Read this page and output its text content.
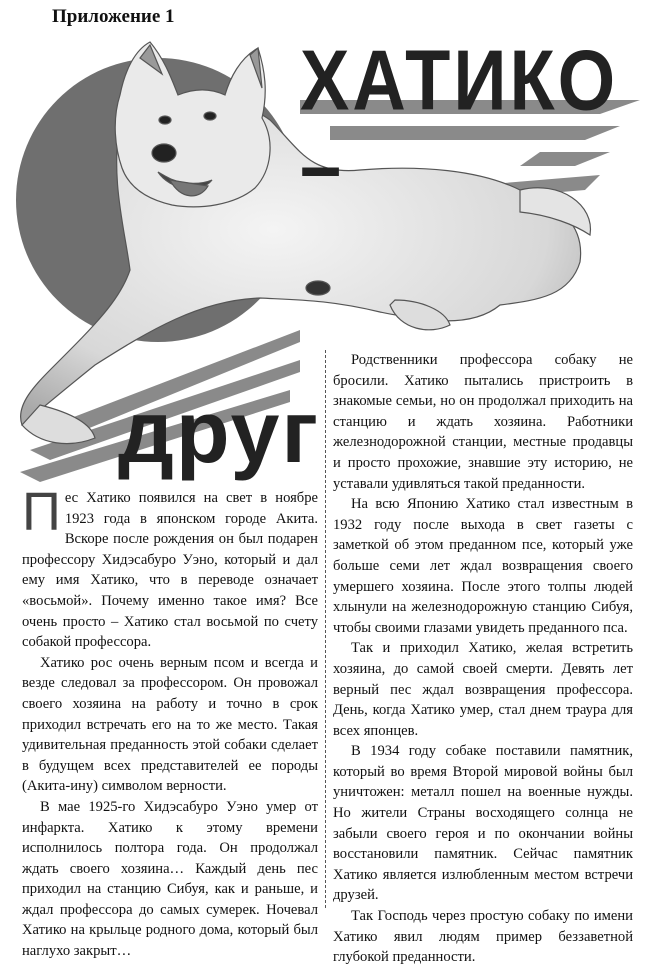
Приложение 1
ХАТИКО –
друг

Пес Хатико появился на свет в ноябре 1923 года в японском городе Акита. Вскоре после рождения он был подарен профессору Хидэсабуро Уэно, который и дал ему имя Хатико, что в переводе означает «восьмой». Почему именно такое имя? Все очень просто – Хатико стал восьмой по счету собакой профессора.

Хатико рос очень верным псом и всегда и везде следовал за профессором. Он провожал своего хозяина на работу и точно в срок приходил встречать его на то же место. Такая удивительная преданность этой собаки сделает в будущем всех представителей ее породы (Акита-ину) символом верности.

В мае 1925-го Хидэсабуро Уэно умер от инфаркта. Хатико к этому времени исполнилось полтора года. Он продолжал ждать своего хозяина… Каждый день пес приходил на станцию Сибуя, как и раньше, и ждал профессора до самых сумерек. Ночевал Хатико на крыльце родного дома, который был наглухо закрыт…

Родственники профессора собаку не бросили. Хатико пытались пристроить в знакомые семьи, но он продолжал приходить на станцию и ждать хозяина. Работники железнодорожной станции, местные продавцы и просто прохожие, знавшие эту историю, не уставали удивляться такой преданности.

На всю Японию Хатико стал известным в 1932 году после выхода в свет газеты с заметкой об этом преданном псе, который уже больше семи лет ждал возвращения своего умершего хозяина. После этого толпы людей хлынули на железнодорожную станцию Сибуя, чтобы своими глазами увидеть преданного пса.

Так и приходил Хатико, желая встретить хозяина, до самой своей смерти. Девять лет верный пес ждал возвращения профессора. День, когда Хатико умер, стал днем траура для всех японцев.

В 1934 году собаке поставили памятник, который во время Второй мировой войны был уничтожен: металл пошел на военные нужды. Но жители Страны восходящего солнца не забыли своего героя и по окончании войны восстановили памятник. Сейчас памятник Хатико является излюбленным местом встречи друзей.

Так Господь через простую собаку по имени Хатико явил людям пример беззаветной глубокой преданности.
